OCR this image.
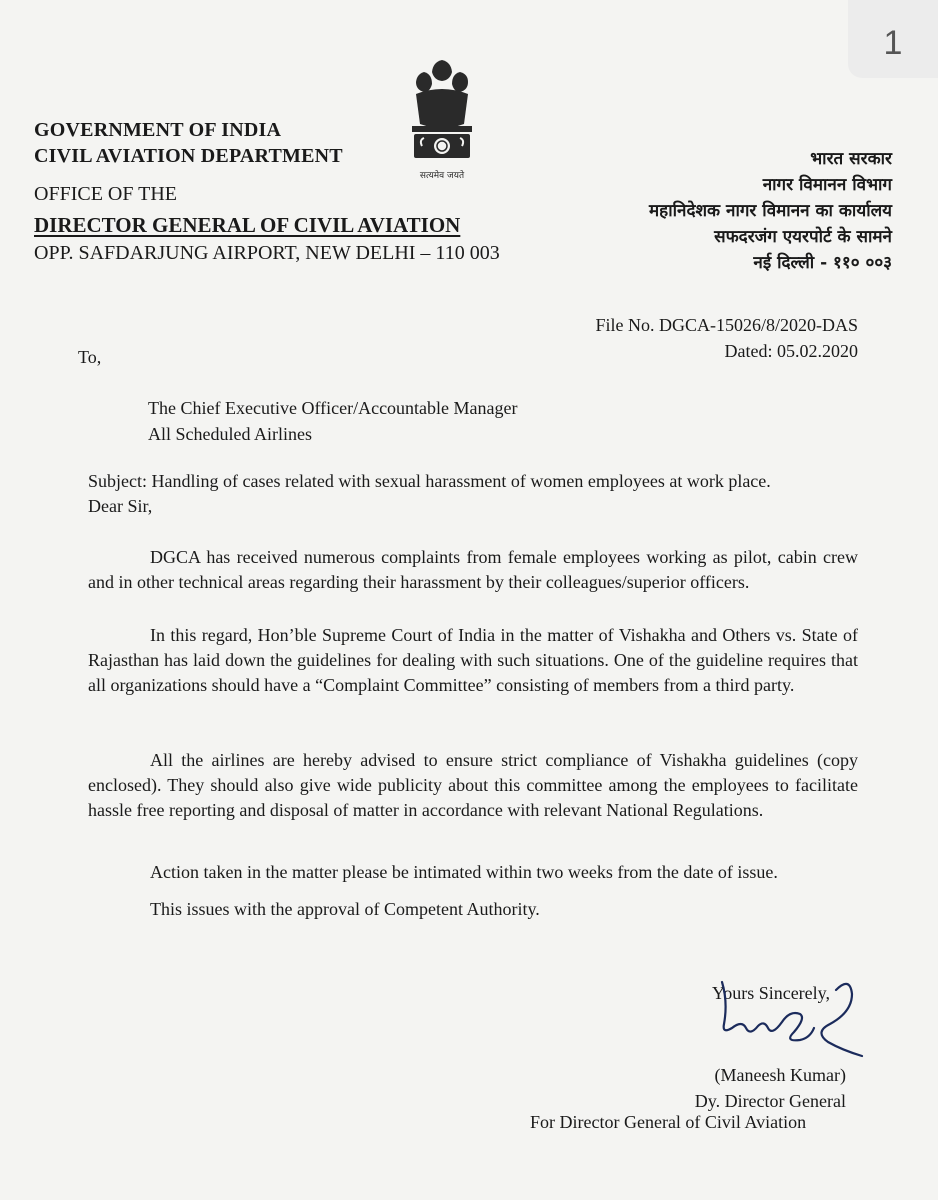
1
सत्यमेव जयते
GOVERNMENT OF INDIA
CIVIL AVIATION DEPARTMENT
OFFICE OF THE
DIRECTOR GENERAL OF CIVIL AVIATION
OPP. SAFDARJUNG AIRPORT, NEW DELHI – 110 003
भारत सरकार
नागर विमानन विभाग
महानिदेशक नागर विमानन का कार्यालय
सफदरजंग एयरपोर्ट के सामने
नई दिल्ली - ११० ००३
File No. DGCA-15026/8/2020-DAS
Dated: 05.02.2020
To,
The Chief Executive Officer/Accountable Manager
All Scheduled Airlines
Subject: Handling of cases related with sexual harassment of women employees at work place.
Dear Sir,

DGCA has received numerous complaints from female employees working as pilot, cabin crew and in other technical areas regarding their harassment by their colleagues/superior officers.

In this regard, Hon’ble Supreme Court of India in the matter of Vishakha and Others vs. State of Rajasthan has laid down the guidelines for dealing with such situations. One of the guideline requires that all organizations should have a “Complaint Committee” consisting of members from a third party.

All the airlines are hereby advised to ensure strict compliance of Vishakha guidelines (copy enclosed). They should also give wide publicity about this committee among the employees to facilitate hassle free reporting and disposal of matter in accordance with relevant National Regulations.

Action taken in the matter please be intimated within two weeks from the date of issue.

This issues with the approval of Competent Authority.

Yours Sincerely,
(Maneesh Kumar)
Dy. Director General
For Director General of Civil Aviation
